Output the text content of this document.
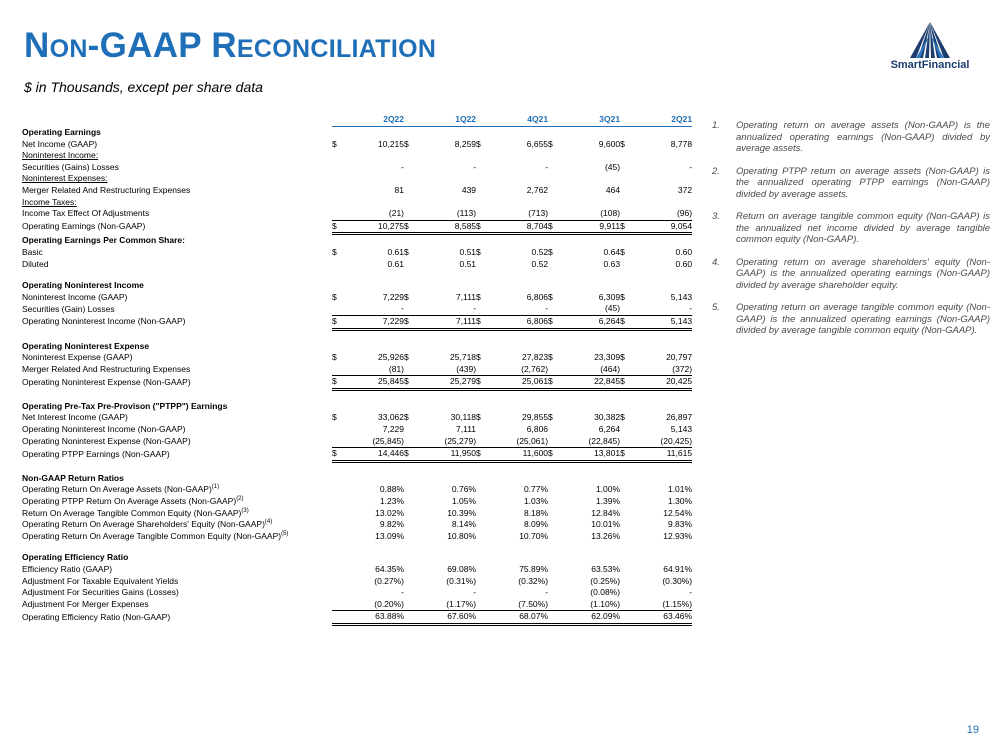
Non-GAAP Reconciliation

$ in Thousands, except per share data

SmartFinancial
	2Q22		1Q22		4Q21		3Q21		2Q21	
Operating Earnings										
Net Income (GAAP)	$	10,215	$	8,259	$	6,655	$	9,600	$	8,778
Noninterest Income:										
Securities (Gains) Losses		-		-		-		(45)		-
Noninterest Expenses:										
Merger Related And Restructuring Expenses		81		439		2,762		464		372
Income Taxes:										
Income Tax Effect Of Adjustments		(21)		(113)		(713)		(108)		(96)
Operating Earnings (Non-GAAP)	$	10,275	$	8,585	$	8,704	$	9,911	$	9,054
Operating Earnings Per Common Share:										
Basic	$	0.61	$	0.51	$	0.52	$	0.64	$	0.60
Diluted		0.61		0.51		0.52		0.63		0.60

Operating Noninterest Income										
Noninterest Income (GAAP)	$	7,229	$	7,111	$	6,806	$	6,309	$	5,143
Securities (Gain) Losses		-		-		-		(45)		-
Operating Noninterest Income (Non-GAAP)	$	7,229	$	7,111	$	6,806	$	6,264	$	5,143

Operating Noninterest Expense										
Noninterest Expense (GAAP)	$	25,926	$	25,718	$	27,823	$	23,309	$	20,797
Merger Related And Restructuring Expenses		(81)		(439)		(2,762)		(464)		(372)
Operating Noninterest Expense (Non-GAAP)	$	25,845	$	25,279	$	25,061	$	22,845	$	20,425

Operating Pre-Tax Pre-Provison ("PTPP") Earnings										
Net Interest Income (GAAP)	$	33,062	$	30,118	$	29,855	$	30,382	$	26,897
Operating Noninterest Income (Non-GAAP)		7,229		7,111		6,806		6,264		5,143
Operating Noninterest Expense (Non-GAAP)		(25,845)		(25,279)		(25,061)		(22,845)		(20,425)
Operating PTPP Earnings (Non-GAAP)	$	14,446	$	11,950	$	11,600	$	13,801	$	11,615

Non-GAAP Return Ratios										
Operating Return On Average Assets (Non-GAAP)$^{(1)}$		0.88%		0.76%		0.77%		1.00%		1.01%
Operating PTPP Return On Average Assets (Non-GAAP)$^{(2)}$		1.23%		1.05%		1.03%		1.39%		1.30%
Return On Average Tangible Common Equity (Non-GAAP)$^{(3)}$		13.02%		10.39%		8.18%		12.84%		12.54%
Operating Return On Average Shareholders' Equity (Non-GAAP)$^{(4)}$		9.82%		8.14%		8.09%		10.01%		9.83%
Operating Return On Average Tangible Common Equity (Non-GAAP)$^{(5)}$		13.09%		10.80%		10.70%		13.26%		12.93%

Operating Efficiency Ratio										
Efficiency Ratio (GAAP)		64.35%		69.08%		75.89%		63.53%		64.91%
Adjustment For Taxable Equivalent Yields		(0.27%)		(0.31%)		(0.32%)		(0.25%)		(0.30%)
Adjustment For Securities Gains (Losses)		-		-		-		(0.08%)		-
Adjustment For Merger Expenses		(0.20%)		(1.17%)		(7.50%)		(1.10%)		(1.15%)
Operating Efficiency Ratio (Non-GAAP)		63.88%		67.60%		68.07%		62.09%		63.46%
1. Operating return on average assets (Non-GAAP) is the annualized operating earnings (Non-GAAP) divided by average assets.
2. Operating PTPP return on average assets (Non-GAAP) is the annualized operating PTPP earnings (Non-GAAP) divided by average assets.
3. Return on average tangible common equity (Non-GAAP) is the annualized net income divided by average tangible common equity (Non-GAAP).
4. Operating return on average shareholders' equity (Non-GAAP) is the annualized operating earnings (Non-GAAP) divided by average shareholder equity.
5. Operating return on average tangible common equity (Non-GAAP) is the annualized operating earnings (Non-GAAP) divided by average tangible common equity (Non-GAAP).
19
